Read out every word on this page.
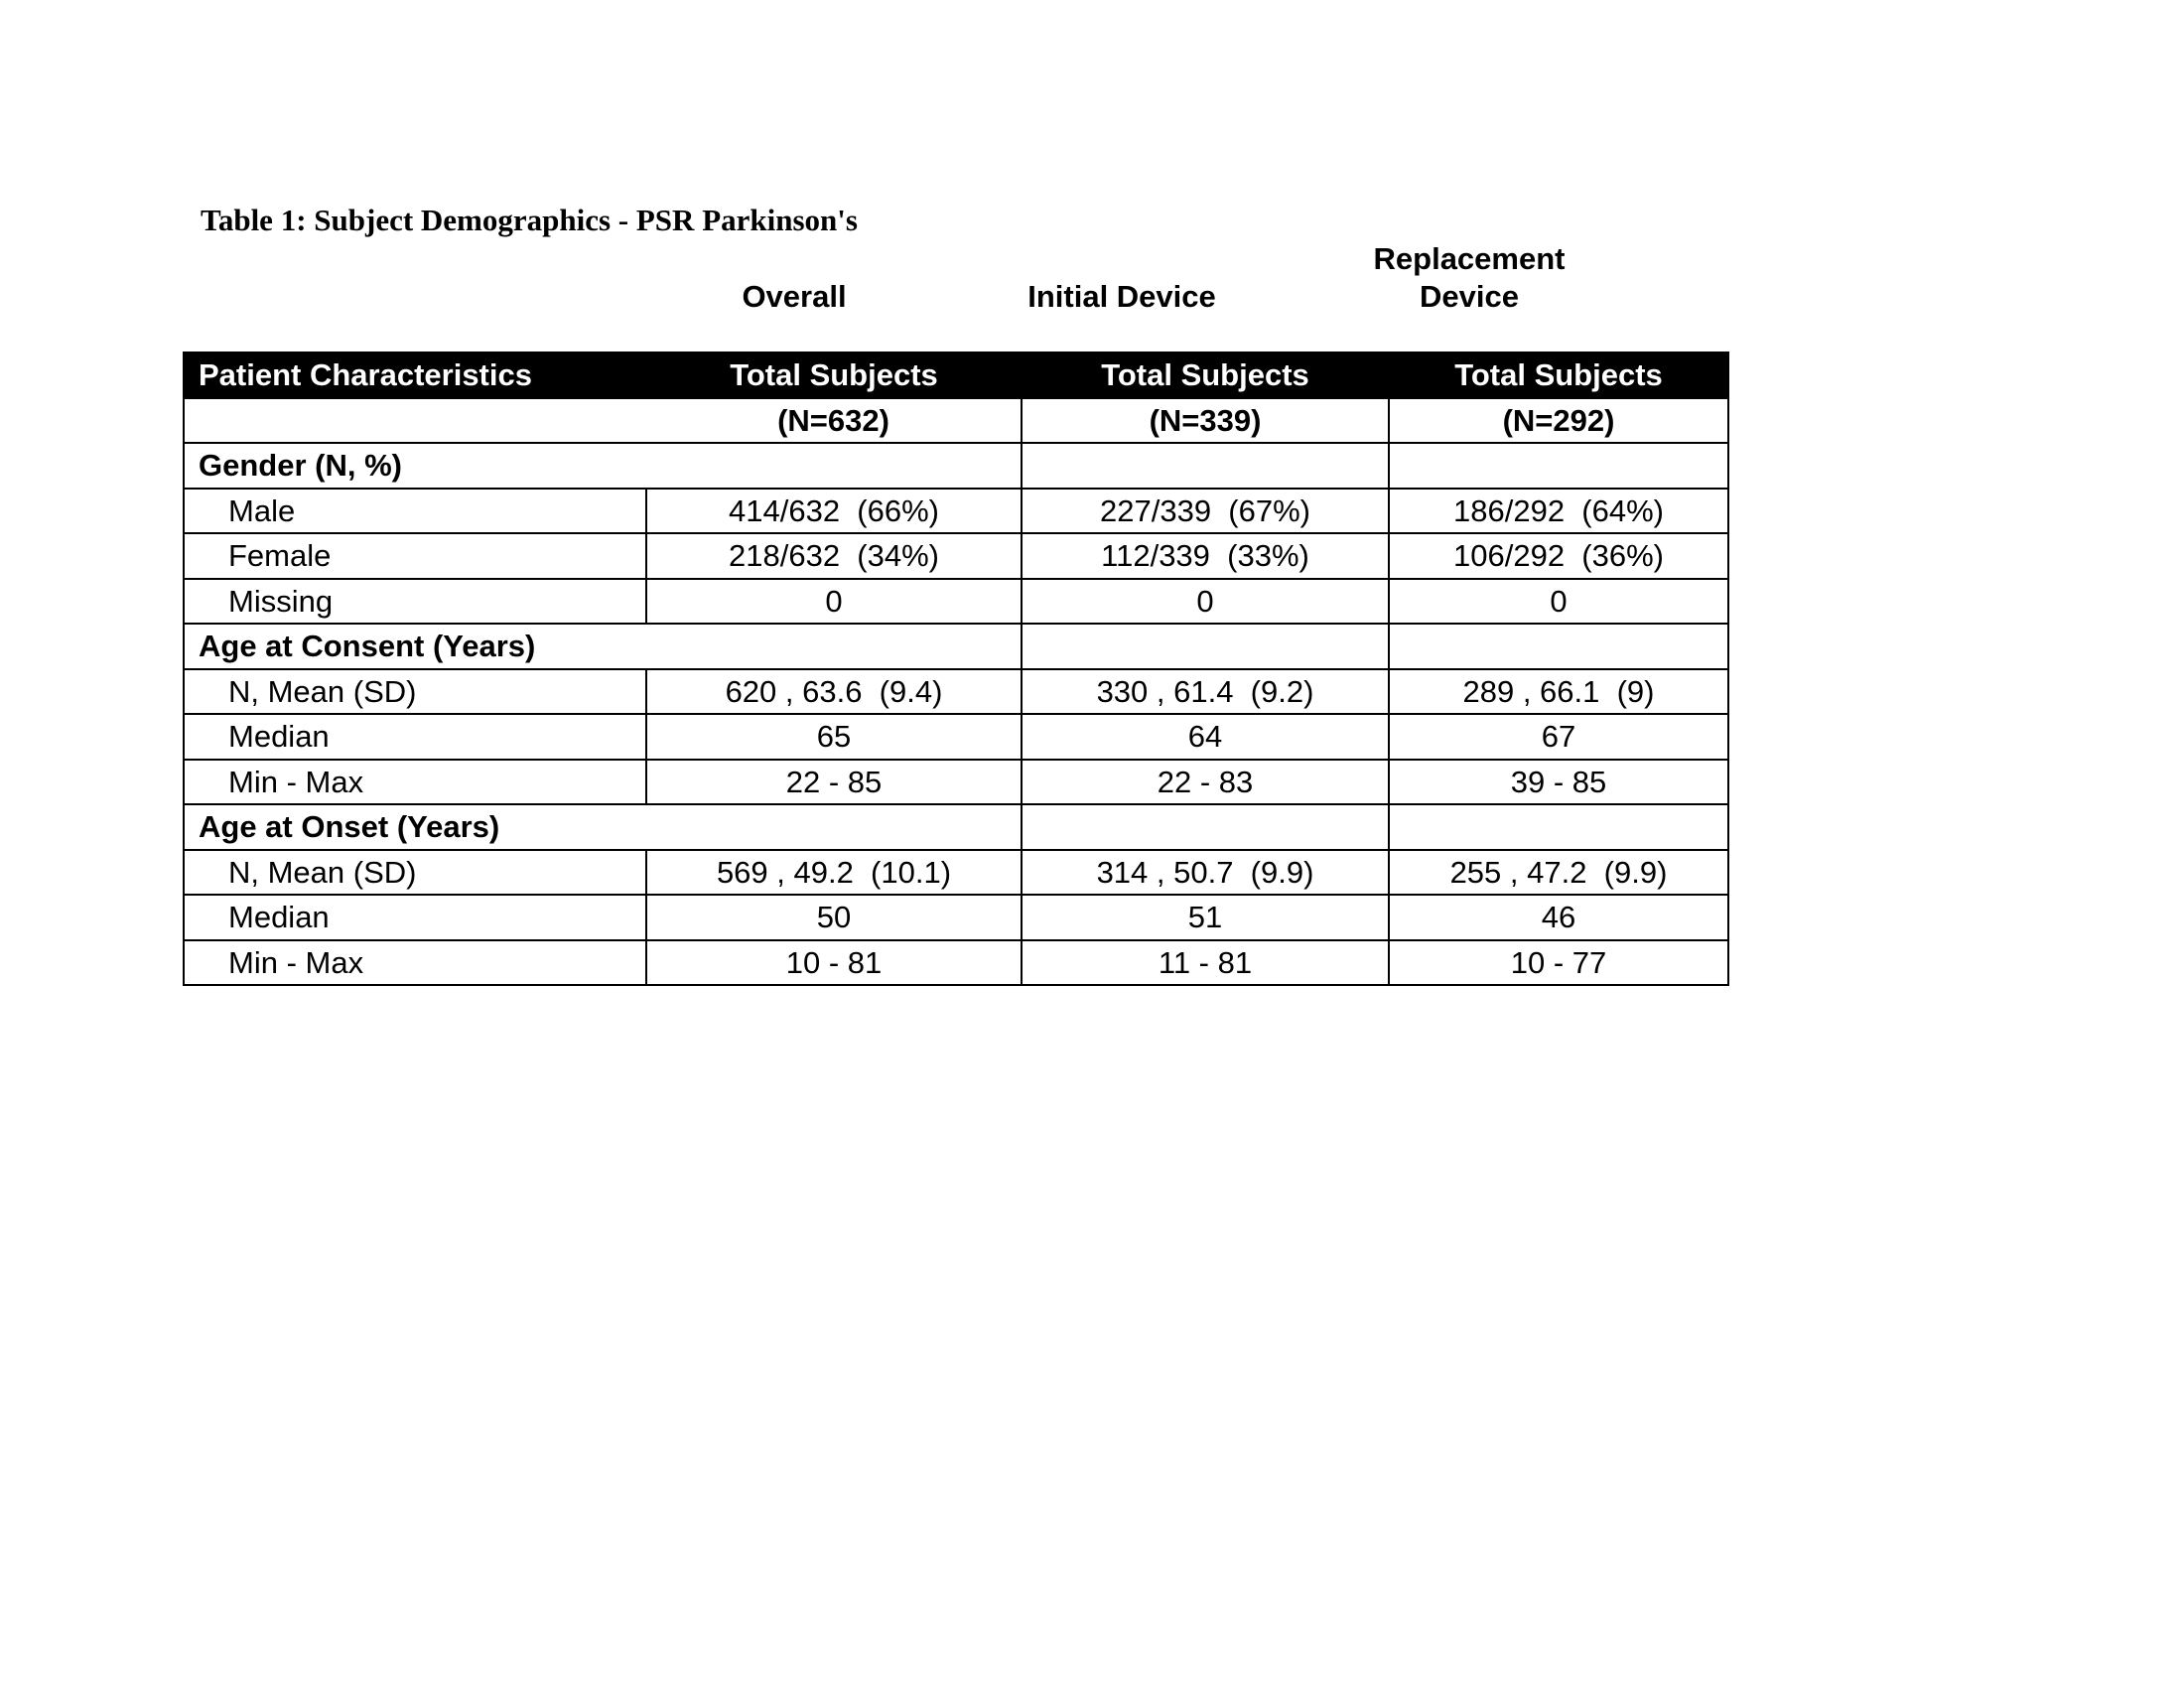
Table 1: Subject Demographics - PSR Parkinson's
Overall	Initial Device
Replacement
Device
Patient Characteristics	Total Subjects	Total Subjects	Total Subjects
	(N=632)	(N=339)	(N=292)
Gender (N, %)			
Male	414/632  (66%)	227/339  (67%)	186/292  (64%)
Female	218/632  (34%)	112/339  (33%)	106/292  (36%)
Missing	0	0	0
Age at Consent (Years)			
N, Mean (SD)	620 , 63.6  (9.4)	330 , 61.4  (9.2)	289 , 66.1  (9)
Median	65	64	67
Min - Max	22 - 85	22 - 83	39 - 85
Age at Onset (Years)			
N, Mean (SD)	569 , 49.2  (10.1)	314 , 50.7  (9.9)	255 , 47.2  (9.9)
Median	50	51	46
Min - Max	10 - 81	11 - 81	10 - 77
